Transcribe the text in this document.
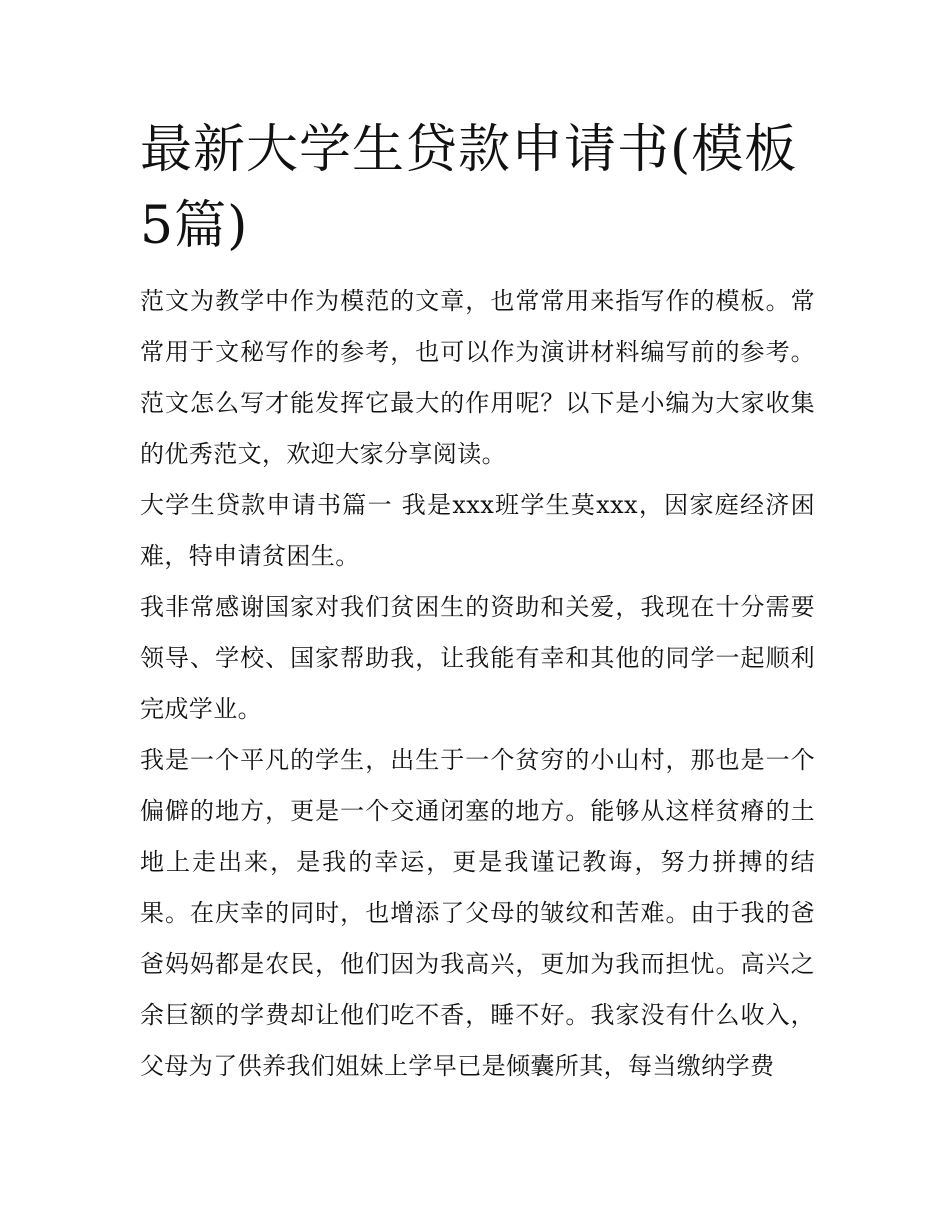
最新大学生贷款申请书(模板5篇)

范文为教学中作为模范的文章，也常常用来指写作的模板。常常用于文秘写作的参考，也可以作为演讲材料编写前的参考。范文怎么写才能发挥它最大的作用呢？以下是小编为大家收集的优秀范文，欢迎大家分享阅读。

大学生贷款申请书篇一 我是xxx班学生莫xxx，因家庭经济困难，特申请贫困生。

我非常感谢国家对我们贫困生的资助和关爱，我现在十分需要领导、学校、国家帮助我，让我能有幸和其他的同学一起顺利完成学业。

我是一个平凡的学生，出生于一个贫穷的小山村，那也是一个偏僻的地方，更是一个交通闭塞的地方。能够从这样贫瘠的土地上走出来，是我的幸运，更是我谨记教诲，努力拼搏的结果。在庆幸的同时，也增添了父母的皱纹和苦难。由于我的爸爸妈妈都是农民，他们因为我高兴，更加为我而担忧。高兴之余巨额的学费却让他们吃不香，睡不好。我家没有什么收入，父母为了供养我们姐妹上学早已是倾囊所其，每当缴纳学费
